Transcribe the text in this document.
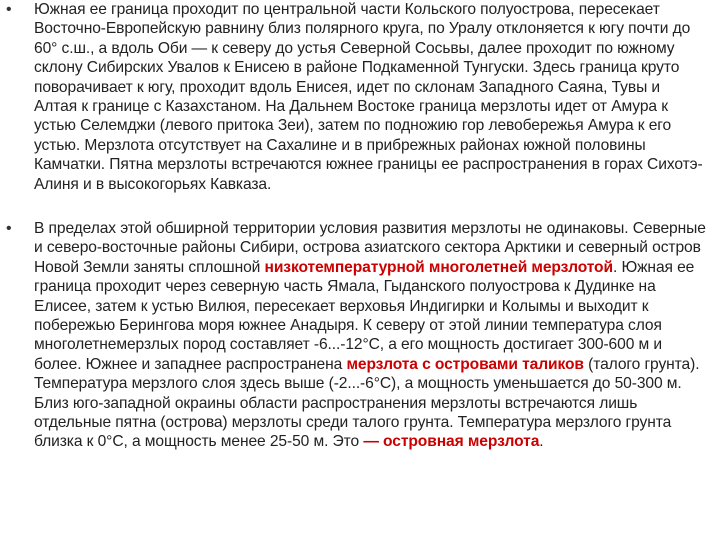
• Южная ее граница проходит по центральной части Кольского полуострова, пересекает Восточно-Европейскую равнину близ полярного круга, по Уралу отклоняется к югу почти до 60° с.ш., а вдоль Оби — к северу до устья Северной Сосьвы, далее проходит по южному склону Сибирских Увалов к Енисею в районе Подкаменной Тунгуски. Здесь граница круто поворачивает к югу, проходит вдоль Енисея, идет по склонам Западного Саяна, Тувы и Алтая к границе с Казахстаном. На Дальнем Востоке граница мерзлоты идет от Амура к устью Селемджи (левого притока Зеи), затем по подножию гор левобережья Амура к его устью. Мерзлота отсутствует на Сахалине и в прибрежных районах южной половины Камчатки. Пятна мерзлоты встречаются южнее границы ее распространения в горах Сихотэ-Алиня и в высокогорьях Кавказа.
• В пределах этой обширной территории условия развития мерзлоты не одинаковы. Северные и северо-восточные районы Сибири, острова азиатского сектора Арктики и северный остров Новой Земли заняты сплошной низкотемпературной многолетней мерзлотой. Южная ее граница проходит через северную часть Ямала, Гыданского полуострова к Дудинке на Елисее, затем к устью Вилюя, пересекает верховья Индигирки и Колымы и выходит к побережью Берингова моря южнее Анадыря. К северу от этой линии температура слоя многолетнемерзлых пород составляет -6...-12°С, а его мощность достигает 300-600 м и более. Южнее и западнее распространена мерзлота с островами таликов (талого грунта). Температура мерзлого слоя здесь выше (-2...-6°С), а мощность уменьшается до 50-300 м. Близ юго-западной окраины области распространения мерзлоты встречаются лишь отдельные пятна (острова) мерзлоты среди талого грунта. Температура мерзлого грунта близка к 0°С, а мощность менее 25-50 м. Это — островная мерзлота.
